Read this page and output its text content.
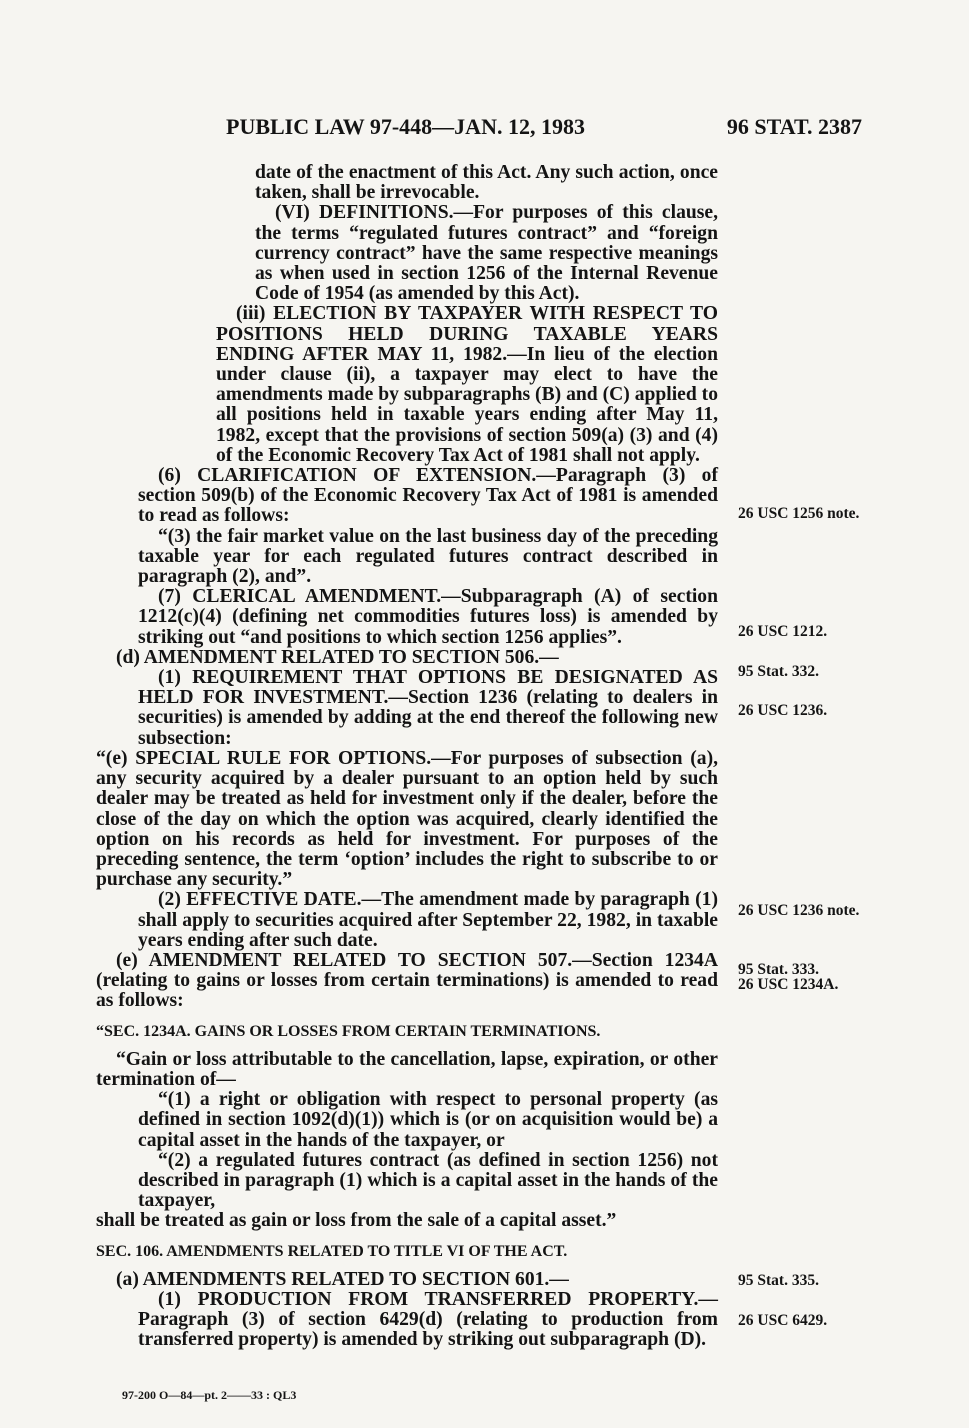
PUBLIC LAW 97-448—JAN. 12, 1983	96 STAT. 2387

date of the enactment of this Act. Any such action, once taken, shall be irrevocable.

(VI) DEFINITIONS.—For purposes of this clause, the terms “regulated futures contract” and “foreign currency contract” have the same respective meanings as when used in section 1256 of the Internal Revenue Code of 1954 (as amended by this Act).

(iii) ELECTION BY TAXPAYER WITH RESPECT TO POSITIONS HELD DURING TAXABLE YEARS ENDING AFTER MAY 11, 1982.—In lieu of the election under clause (ii), a taxpayer may elect to have the amendments made by subparagraphs (B) and (C) applied to all positions held in taxable years ending after May 11, 1982, except that the provisions of section 509(a) (3) and (4) of the Economic Recovery Tax Act of 1981 shall not apply.

(6) CLARIFICATION OF EXTENSION.—Paragraph (3) of section 509(b) of the Economic Recovery Tax Act of 1981 is amended to read as follows:

“(3) the fair market value on the last business day of the preceding taxable year for each regulated futures contract described in paragraph (2), and”.

(7) CLERICAL AMENDMENT.—Subparagraph (A) of section 1212(c)(4) (defining net commodities futures loss) is amended by striking out “and positions to which section 1256 applies”.

(d) AMENDMENT RELATED TO SECTION 506.—

(1) REQUIREMENT THAT OPTIONS BE DESIGNATED AS HELD FOR INVESTMENT.—Section 1236 (relating to dealers in securities) is amended by adding at the end thereof the following new subsection:

“(e) SPECIAL RULE FOR OPTIONS.—For purposes of subsection (a), any security acquired by a dealer pursuant to an option held by such dealer may be treated as held for investment only if the dealer, before the close of the day on which the option was acquired, clearly identified the option on his records as held for investment. For purposes of the preceding sentence, the term ‘option’ includes the right to subscribe to or purchase any security.”

(2) EFFECTIVE DATE.—The amendment made by paragraph (1) shall apply to securities acquired after September 22, 1982, in taxable years ending after such date.

(e) AMENDMENT RELATED TO SECTION 507.—Section 1234A (relating to gains or losses from certain terminations) is amended to read as follows:

“SEC. 1234A. GAINS OR LOSSES FROM CERTAIN TERMINATIONS.

“Gain or loss attributable to the cancellation, lapse, expiration, or other termination of—

“(1) a right or obligation with respect to personal property (as defined in section 1092(d)(1)) which is (or on acquisition would be) a capital asset in the hands of the taxpayer, or

“(2) a regulated futures contract (as defined in section 1256) not described in paragraph (1) which is a capital asset in the hands of the taxpayer,

shall be treated as gain or loss from the sale of a capital asset.”

SEC. 106. AMENDMENTS RELATED TO TITLE VI OF THE ACT.

(a) AMENDMENTS RELATED TO SECTION 601.—

(1) PRODUCTION FROM TRANSFERRED PROPERTY.—Paragraph (3) of section 6429(d) (relating to production from transferred property) is amended by striking out subparagraph (D).

26 USC 1256 note.
26 USC 1212.
95 Stat. 332.
26 USC 1236.
26 USC 1236 note.
95 Stat. 333.
26 USC 1234A.
95 Stat. 335.
26 USC 6429.
97-200 O—84—pt. 2——33 : QL3
